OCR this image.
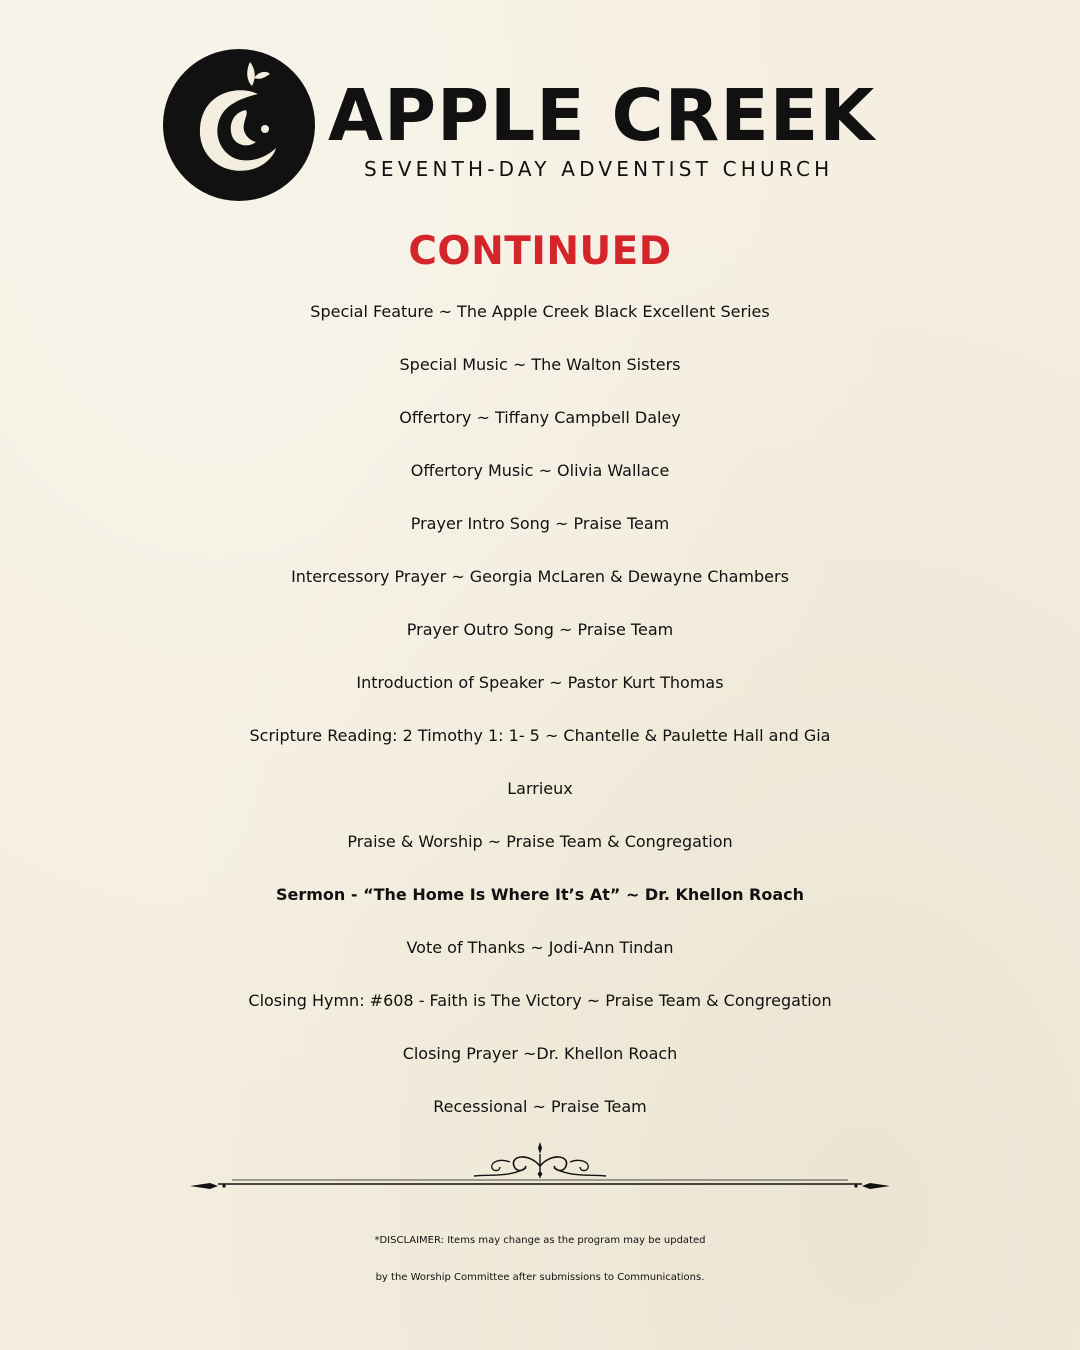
APPLE CREEK
SEVENTH-DAY ADVENTIST CHURCH
CONTINUED
Special Feature ~ The Apple Creek Black Excellent Series
Special Music ~ The Walton Sisters
Offertory ~ Tiffany Campbell Daley
Offertory Music ~ Olivia Wallace
Prayer Intro Song ~ Praise Team
Intercessory Prayer ~ Georgia McLaren & Dewayne Chambers
Prayer Outro Song ~ Praise Team
Introduction of Speaker ~ Pastor Kurt Thomas
Scripture Reading: 2 Timothy 1: 1- 5 ~ Chantelle & Paulette Hall and Gia
Larrieux
Praise & Worship ~ Praise Team & Congregation
Sermon - “The Home Is Where It’s At” ~ Dr. Khellon Roach
Vote of Thanks ~ Jodi-Ann Tindan
Closing Hymn: #608 - Faith is The Victory ~ Praise Team & Congregation
Closing Prayer ~Dr. Khellon Roach
Recessional ~ Praise Team
*DISCLAIMER: Items may change as the program may be updated
by the Worship Committee after submissions to Communications.
